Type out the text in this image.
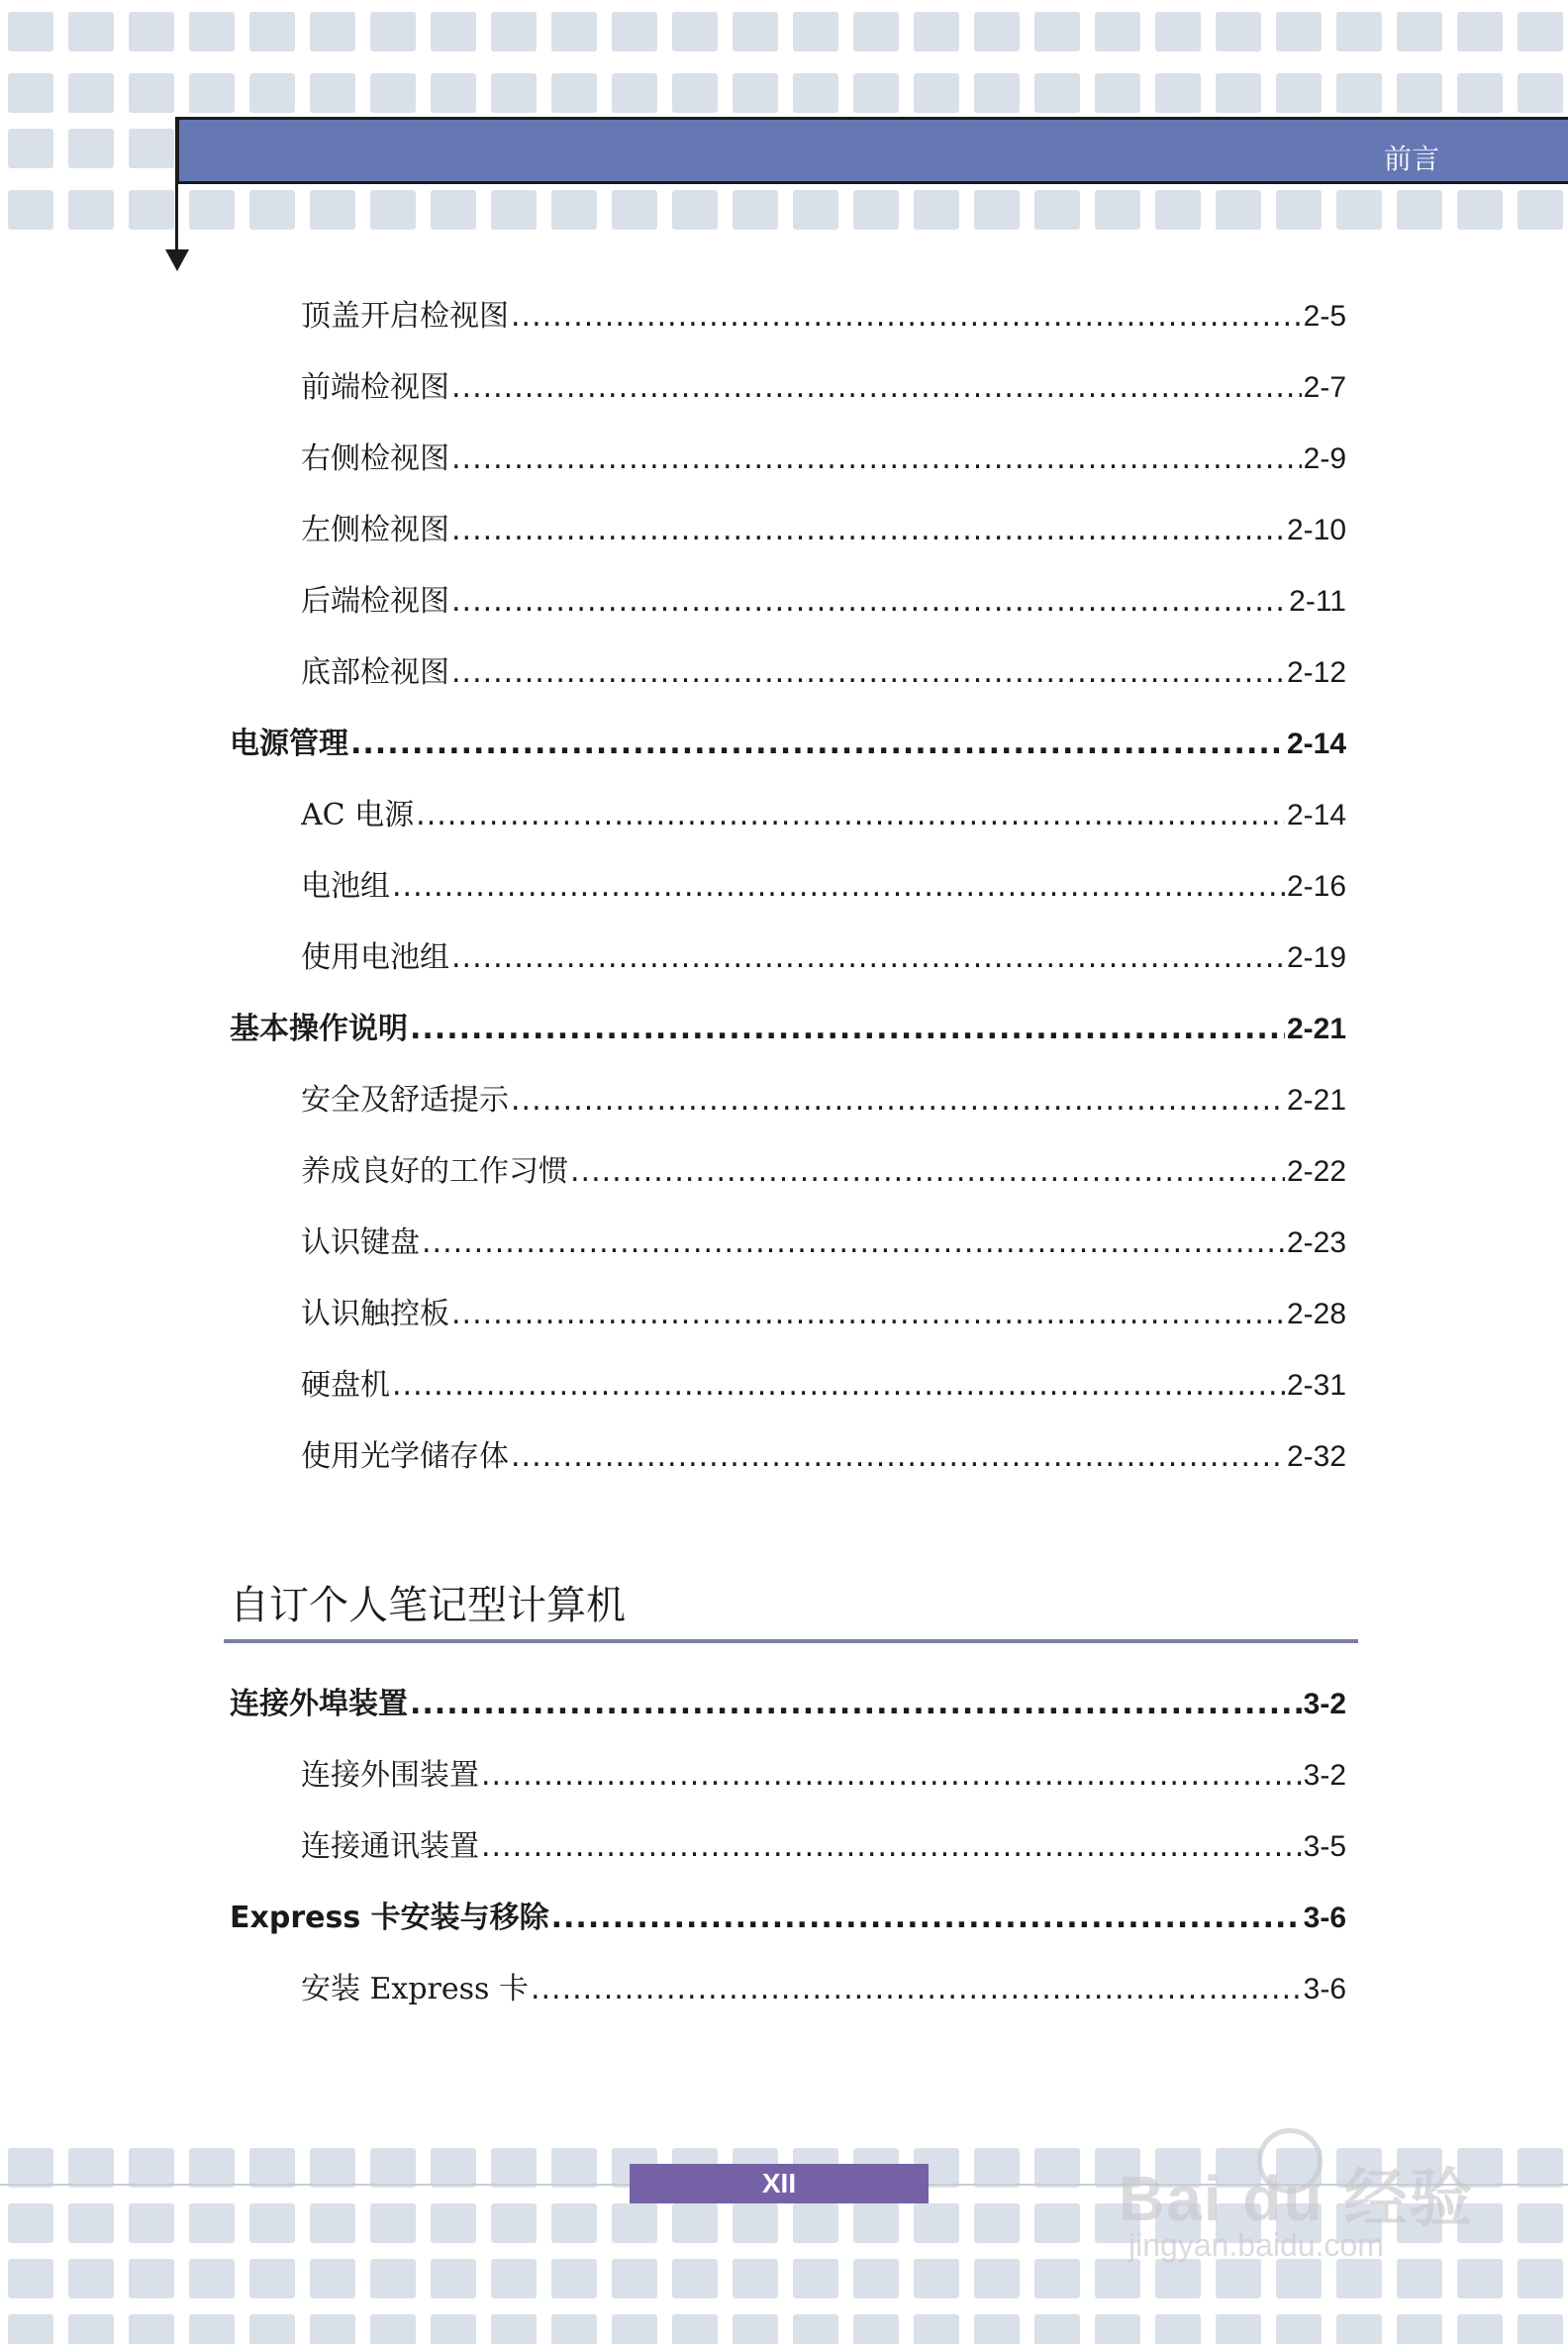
前言
顶盖开启检视图 .....	2-5
前端检视图 .....	2-7
右侧检视图 .....	2-9
左侧检视图 .....	2-10
后端检视图 .....	2-11
底部检视图 .....	2-12
电源管理 .....	2-14
AC 电源 .....	2-14
电池组 .....	2-16
使用电池组 .....	2-19
基本操作说明 .....	2-21
安全及舒适提示 .....	2-21
养成良好的工作习惯 .....	2-22
认识键盘 .....	2-23
认识触控板 .....	2-28
硬盘机 .....	2-31
使用光学储存体 .....	2-32
自订个人笔记型计算机
连接外埠装置 .....	3-2
连接外围装置 .....	3-2
连接通讯装置 .....	3-5
Express 卡安装与移除 .....	3-6
安装 Express 卡 .....	3-6
XII	Bai du 经验
jingyan.baidu.com
